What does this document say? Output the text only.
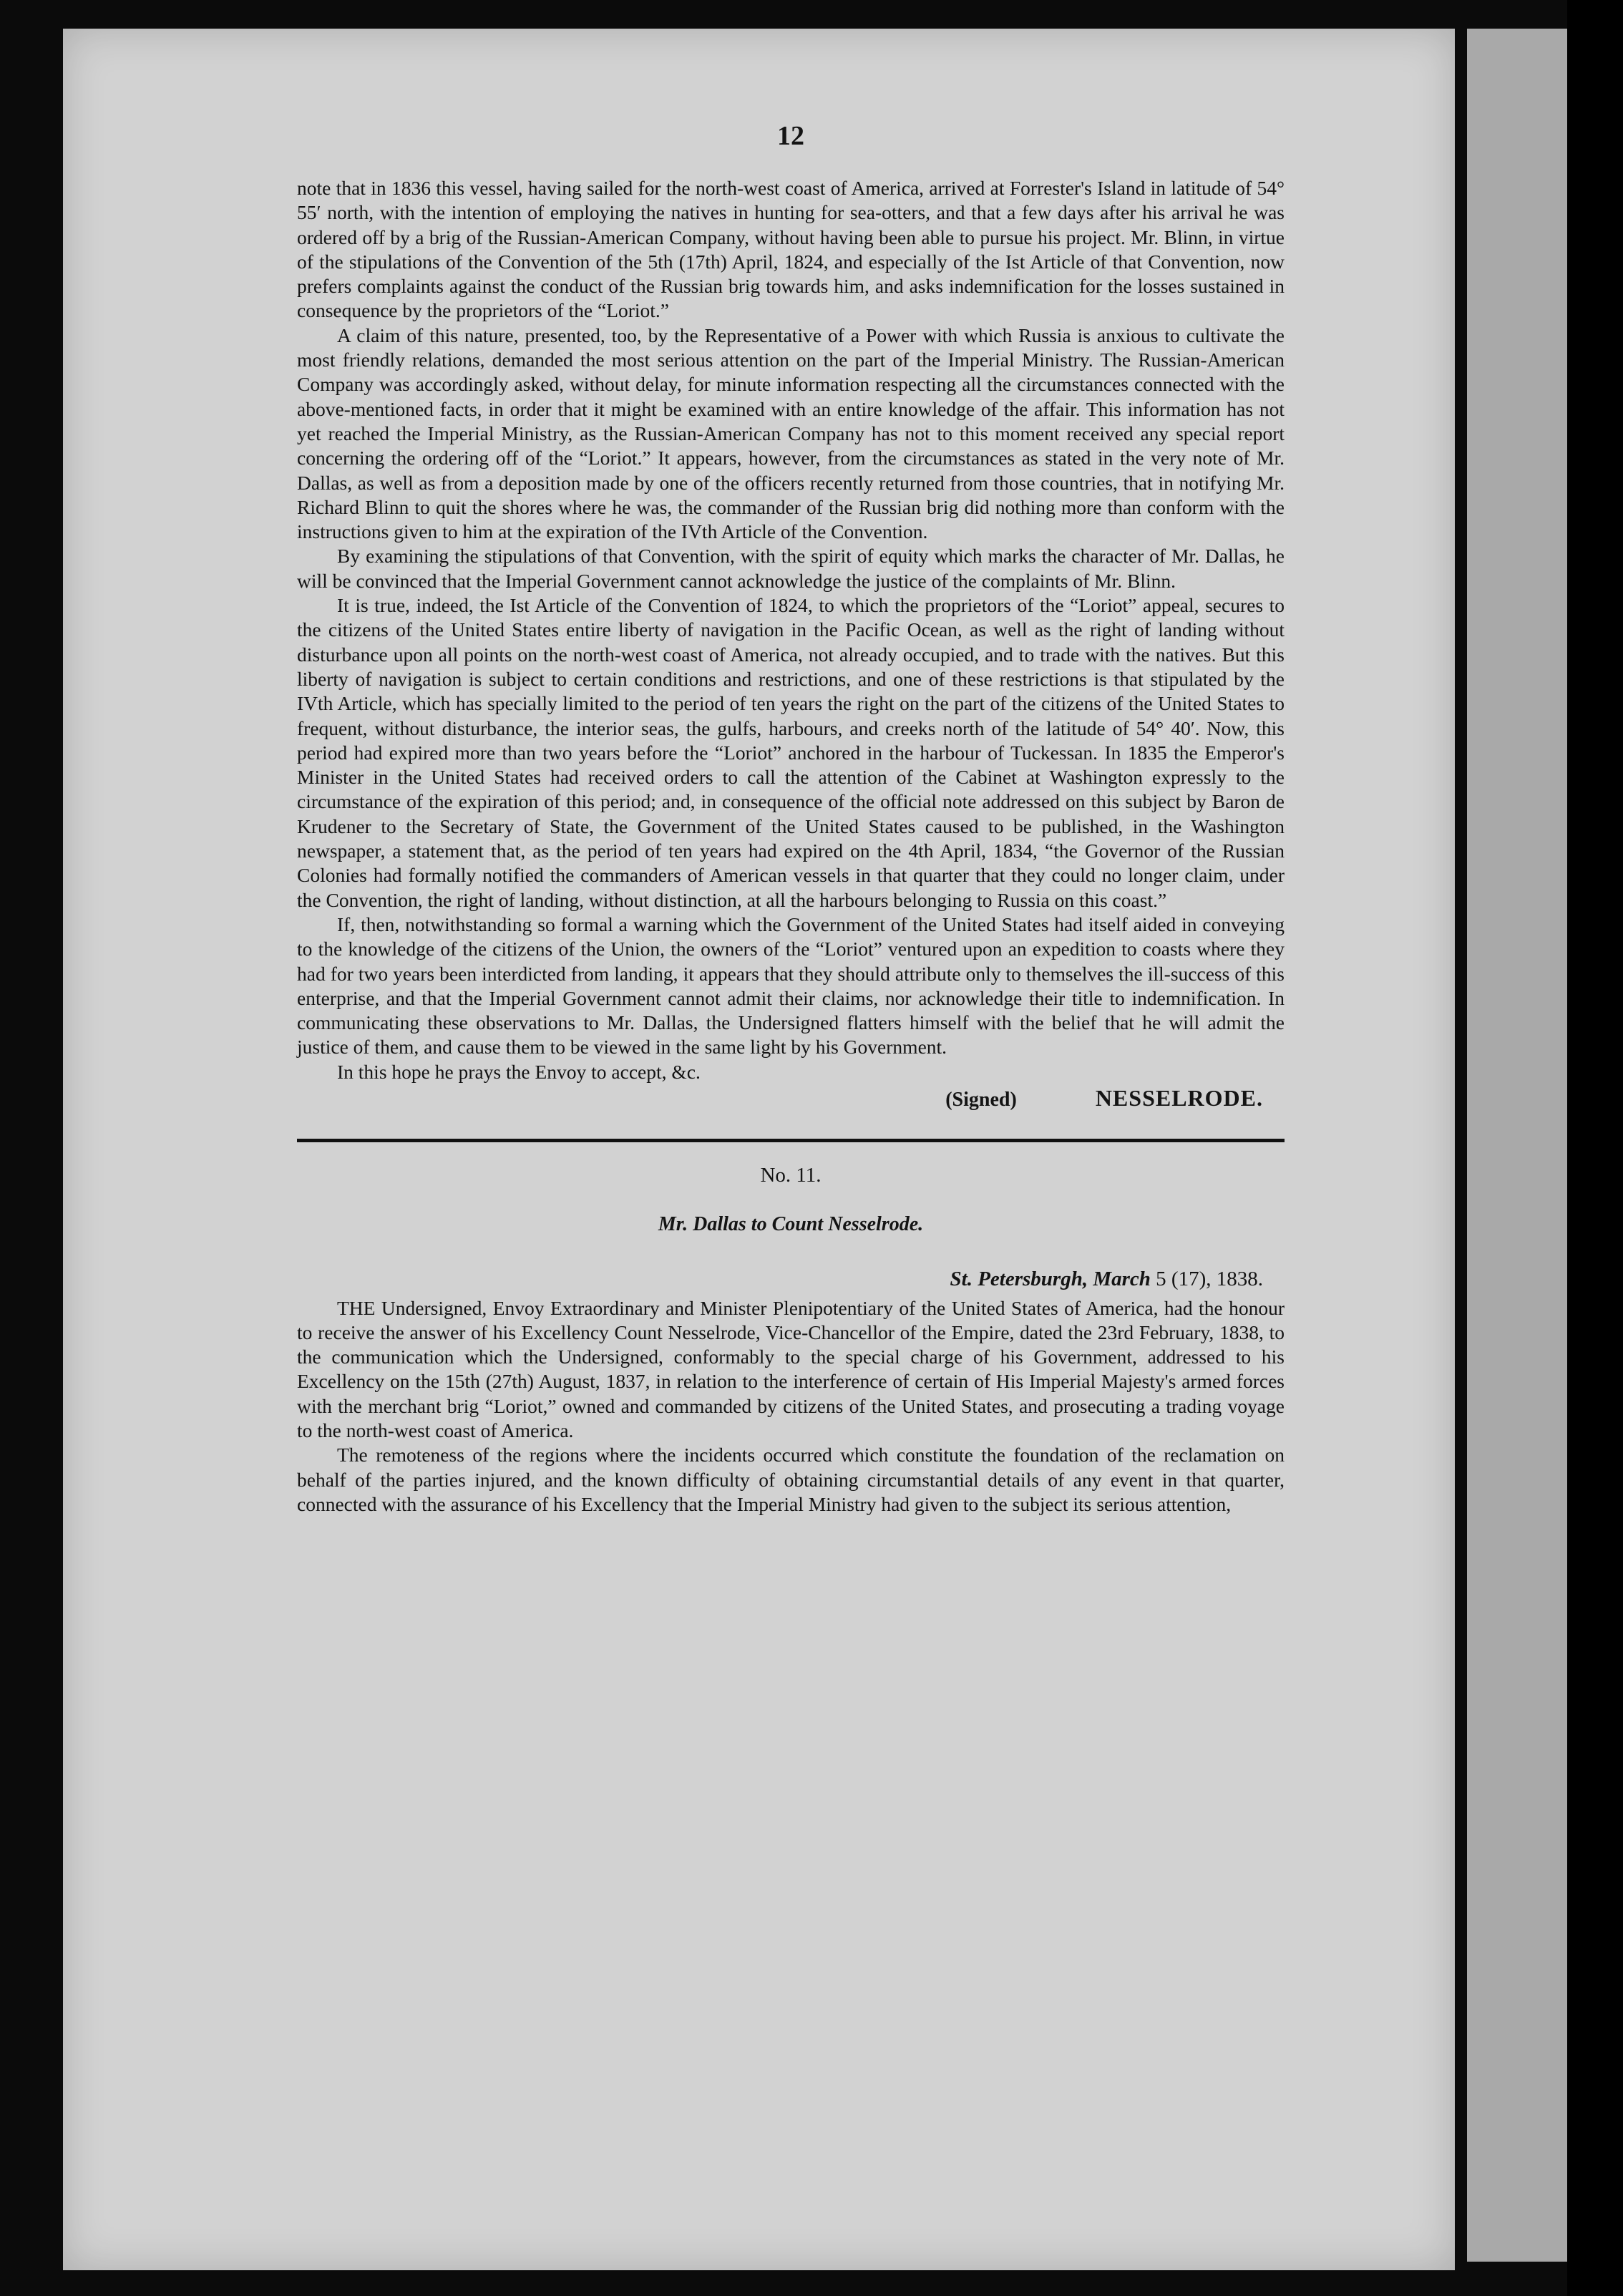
12

note that in 1836 this vessel, having sailed for the north-west coast of America, arrived at Forrester's Island in latitude of 54° 55′ north, with the intention of employing the natives in hunting for sea-otters, and that a few days after his arrival he was ordered off by a brig of the Russian-American Company, without having been able to pursue his project. Mr. Blinn, in virtue of the stipulations of the Convention of the 5th (17th) April, 1824, and especially of the Ist Article of that Convention, now prefers complaints against the conduct of the Russian brig towards him, and asks indemnification for the losses sustained in consequence by the proprietors of the “Loriot.”

A claim of this nature, presented, too, by the Representative of a Power with which Russia is anxious to cultivate the most friendly relations, demanded the most serious attention on the part of the Imperial Ministry. The Russian-American Company was accordingly asked, without delay, for minute information respecting all the circumstances connected with the above-mentioned facts, in order that it might be examined with an entire knowledge of the affair. This information has not yet reached the Imperial Ministry, as the Russian-American Company has not to this moment received any special report concerning the ordering off of the “Loriot.” It appears, however, from the circumstances as stated in the very note of Mr. Dallas, as well as from a deposition made by one of the officers recently returned from those countries, that in notifying Mr. Richard Blinn to quit the shores where he was, the commander of the Russian brig did nothing more than conform with the instructions given to him at the expiration of the IVth Article of the Convention.

By examining the stipulations of that Convention, with the spirit of equity which marks the character of Mr. Dallas, he will be convinced that the Imperial Government cannot acknowledge the justice of the complaints of Mr. Blinn.

It is true, indeed, the Ist Article of the Convention of 1824, to which the proprietors of the “Loriot” appeal, secures to the citizens of the United States entire liberty of navigation in the Pacific Ocean, as well as the right of landing without disturbance upon all points on the north-west coast of America, not already occupied, and to trade with the natives. But this liberty of navigation is subject to certain conditions and restrictions, and one of these restrictions is that stipulated by the IVth Article, which has specially limited to the period of ten years the right on the part of the citizens of the United States to frequent, without disturbance, the interior seas, the gulfs, harbours, and creeks north of the latitude of 54° 40′. Now, this period had expired more than two years before the “Loriot” anchored in the harbour of Tuckessan. In 1835 the Emperor's Minister in the United States had received orders to call the attention of the Cabinet at Washington expressly to the circumstance of the expiration of this period; and, in consequence of the official note addressed on this subject by Baron de Krudener to the Secretary of State, the Government of the United States caused to be published, in the Washington newspaper, a statement that, as the period of ten years had expired on the 4th April, 1834, “the Governor of the Russian Colonies had formally notified the commanders of American vessels in that quarter that they could no longer claim, under the Convention, the right of landing, without distinction, at all the harbours belonging to Russia on this coast.”

If, then, notwithstanding so formal a warning which the Government of the United States had itself aided in conveying to the knowledge of the citizens of the Union, the owners of the “Loriot” ventured upon an expedition to coasts where they had for two years been interdicted from landing, it appears that they should attribute only to themselves the ill-success of this enterprise, and that the Imperial Government cannot admit their claims, nor acknowledge their title to indemnification. In communicating these observations to Mr. Dallas, the Undersigned flatters himself with the belief that he will admit the justice of them, and cause them to be viewed in the same light by his Government.

In this hope he prays the Envoy to accept, &c.

(Signed)	NESSELRODE.
No. 11.
Mr. Dallas to Count Nesselrode.
St. Petersburgh, March 5 (17), 1838.

THE Undersigned, Envoy Extraordinary and Minister Plenipotentiary of the United States of America, had the honour to receive the answer of his Excellency Count Nesselrode, Vice-Chancellor of the Empire, dated the 23rd February, 1838, to the communication which the Undersigned, conformably to the special charge of his Government, addressed to his Excellency on the 15th (27th) August, 1837, in relation to the interference of certain of His Imperial Majesty's armed forces with the merchant brig “Loriot,” owned and commanded by citizens of the United States, and prosecuting a trading voyage to the north-west coast of America.

The remoteness of the regions where the incidents occurred which constitute the foundation of the reclamation on behalf of the parties injured, and the known difficulty of obtaining circumstantial details of any event in that quarter, connected with the assurance of his Excellency that the Imperial Ministry had given to the subject its serious attention,
